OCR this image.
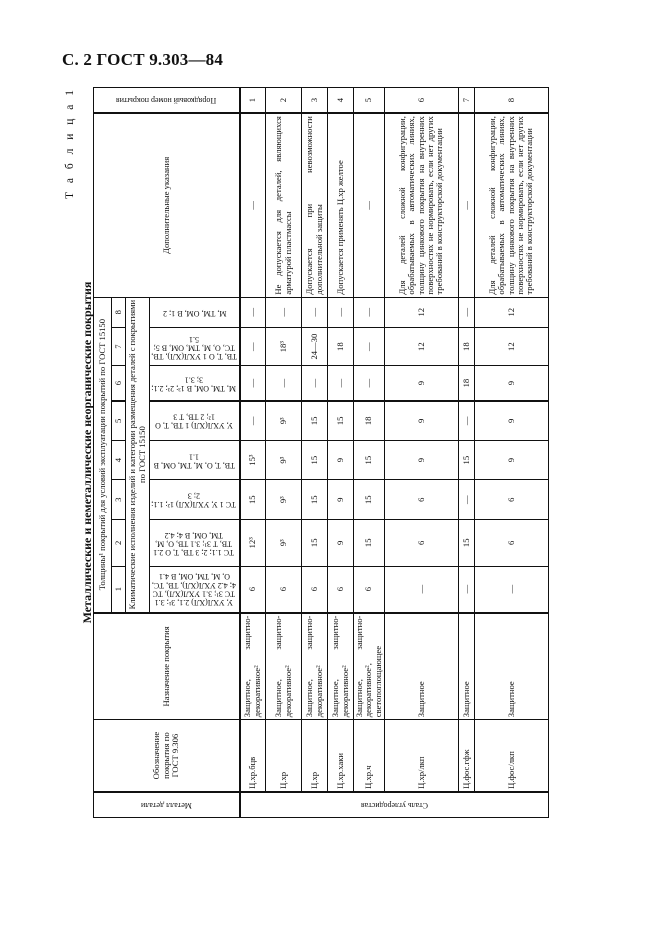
С. 2 ГОСТ 9.303—84
Т а б л и ц а 1
Металлические и неметаллические неорганические покрытия
Металл детали	Обозначение покрытия по ГОСТ 9.306	Назначение покрытия	Толщины¹ покрытий для условий эксплуатации покрытий по ГОСТ 15150								Дополнительные указания	Порядковый номер покрытия

			1	2	3	4	5	6	7	8		
			Климатические исполнения изделий и категории размещения деталей с покрытиями по ГОСТ 15150									

			У, УХЛ(ХЛ) 2.1, 3¹; 3.1 ТС 3¹; 3.1 УХЛ(ХЛ), ТС 4; 4.2 УХЛ(ХЛ), ТВ, ТС, О, М, ТМ, ОМ, В 4.1	ТС 1.1; 2; 3 ТВ, Т, О 2.1 ТВ, Т 3¹; 3.1 ТВ, О, М, ТМ, ОМ, В 4; 4.2	ТС 1 У, УХЛ(ХЛ) 1²; 1.1; 2; 3	ТВ, Т, О, М, ТМ, ОМ, В 1.1	У, УХЛ(ХЛ) 1 ТВ, Т, О 1²; 2 ТВ, Т 3	М, ТМ, ОМ, В 1³; 2³; 2.1; 3; 3.1	ТВ, Т, О 1 УХЛ(ХЛ), ТВ, ТС, О, М, ТМ, ОМ, В 5; 5.1	М, ТМ, ОМ, В 1; 2		

Сталь углеродистая	Ц.хр.бцв	Защитное, защитно-декоративное²	6	12³	15	15³	—	—	—	—	—	1
	Ц.хр	Защитное, защитно-декоративное²	6	9³	9³	9³	9³	—	18³	—	Не допускается для деталей, являющихся арматурой пластмассы	2
	Ц.хр	Защитное, защитно-декоративное²	6	15	15	15	15	—	24—30	—	Допускается при невозможности дополнительной защиты	3
	Ц.хр.хаки	Защитное, защитно-декоративное²	6	9	9	9	15	—	18	—	Допускается применять Ц.хр желтое	4
	Ц.хр.ч	Защитное, защитно-декоративное², светопоглощающее	6	15	15	15	18	—	—	—	—	5
	Ц.хр/лкп	Защитное	—	6	6	9	9	9	12	12	Для деталей сложной конфигурации, обрабатываемых в автоматических линиях, толщину цинкового покрытия на внутренних поверхностях не нормировать, если нет других требований в конструкторской документации	6
	Ц.фос.гфж	Защитное	—	15	—	15	—	18	18	—	—	7
	Ц.фос/лкп	Защитное	—	6	6	9	9	9	12	12	Для деталей сложной конфигурации, обрабатываемых в автоматических линиях, толщину цинкового покрытия на внутренних поверхностях не нормировать, если нет других требований в конструкторской документации	8
